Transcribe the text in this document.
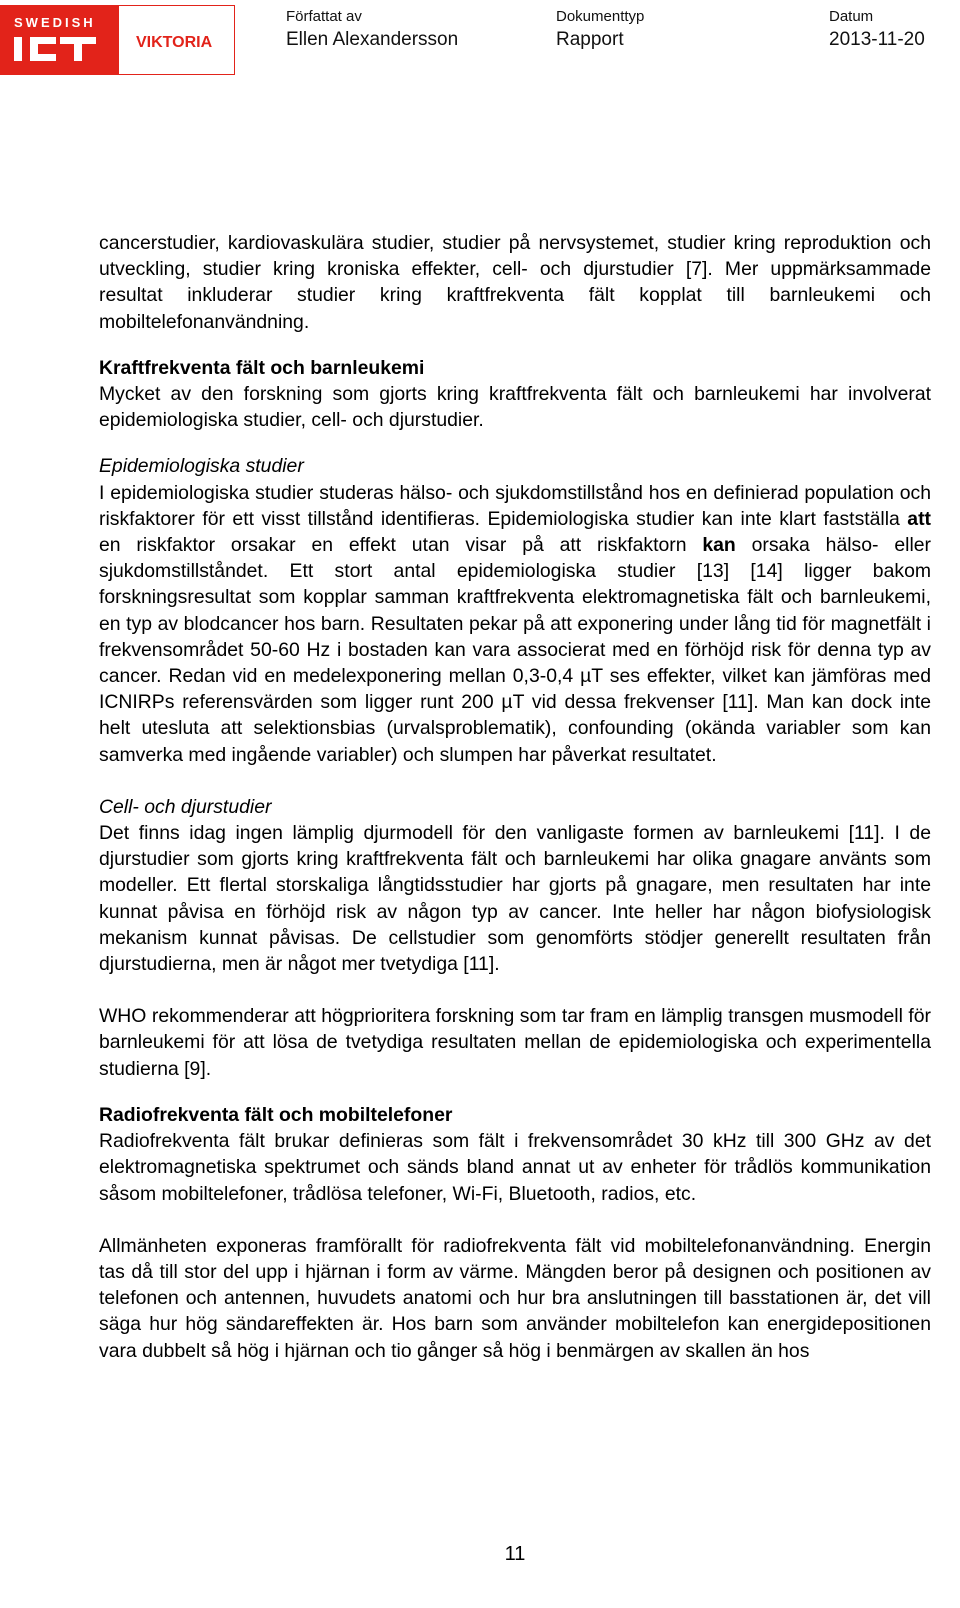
SWEDISH
VIKTORIA
Författat av
Ellen Alexandersson
Dokumenttyp
Rapport
Datum
2013-11-20

cancerstudier, kardiovaskulära studier, studier på nervsystemet, studier kring reproduktion och utveckling, studier kring kroniska effekter, cell- och djurstudier [7]. Mer uppmärksammade resultat inkluderar studier kring kraftfrekventa fält kopplat till barnleukemi och mobiltelefonanvändning.

Kraftfrekventa fält och barnleukemi

Mycket av den forskning som gjorts kring kraftfrekventa fält och barnleukemi har involverat epidemiologiska studier, cell- och djurstudier.

Epidemiologiska studier

I epidemiologiska studier studeras hälso- och sjukdomstillstånd hos en definierad population och riskfaktorer för ett visst tillstånd identifieras. Epidemiologiska studier kan inte klart fastställa att en riskfaktor orsakar en effekt utan visar på att riskfaktorn kan orsaka hälso- eller sjukdomstillståndet. Ett stort antal epidemiologiska studier [13] [14] ligger bakom forskningsresultat som kopplar samman kraftfrekventa elektromagnetiska fält och barnleukemi, en typ av blodcancer hos barn. Resultaten pekar på att exponering under lång tid för magnetfält i frekvensområdet 50-60 Hz i bostaden kan vara associerat med en förhöjd risk för denna typ av cancer. Redan vid en medelexponering mellan 0,3-0,4 µT ses effekter, vilket kan jämföras med ICNIRPs referensvärden som ligger runt 200 µT vid dessa frekvenser [11]. Man kan dock inte helt utesluta att selektionsbias (urvalsproblematik), confounding (okända variabler som kan samverka med ingående variabler) och slumpen har påverkat resultatet.

Cell- och djurstudier

Det finns idag ingen lämplig djurmodell för den vanligaste formen av barnleukemi [11]. I de djurstudier som gjorts kring kraftfrekventa fält och barnleukemi har olika gnagare använts som modeller. Ett flertal storskaliga långtidsstudier har gjorts på gnagare, men resultaten har inte kunnat påvisa en förhöjd risk av någon typ av cancer. Inte heller har någon biofysiologisk mekanism kunnat påvisas. De cellstudier som genomförts stödjer generellt resultaten från djurstudierna, men är något mer tvetydiga [11].

WHO rekommenderar att högprioritera forskning som tar fram en lämplig transgen musmodell för barnleukemi för att lösa de tvetydiga resultaten mellan de epidemiologiska och experimentella studierna [9].

Radiofrekventa fält och mobiltelefoner

Radiofrekventa fält brukar definieras som fält i frekvensområdet 30 kHz till 300 GHz av det elektromagnetiska spektrumet och sänds bland annat ut av enheter för trådlös kommunikation såsom mobiltelefoner, trådlösa telefoner, Wi-Fi, Bluetooth, radios, etc.

Allmänheten exponeras framförallt för radiofrekventa fält vid mobiltelefonanvändning. Energin tas då till stor del upp i hjärnan i form av värme. Mängden beror på designen och positionen av telefonen och antennen, huvudets anatomi och hur bra anslutningen till basstationen är, det vill säga hur hög sändareffekten är. Hos barn som använder mobiltelefon kan energidepositionen vara dubbelt så hög i hjärnan och tio gånger så hög i benmärgen av skallen än hos

11
